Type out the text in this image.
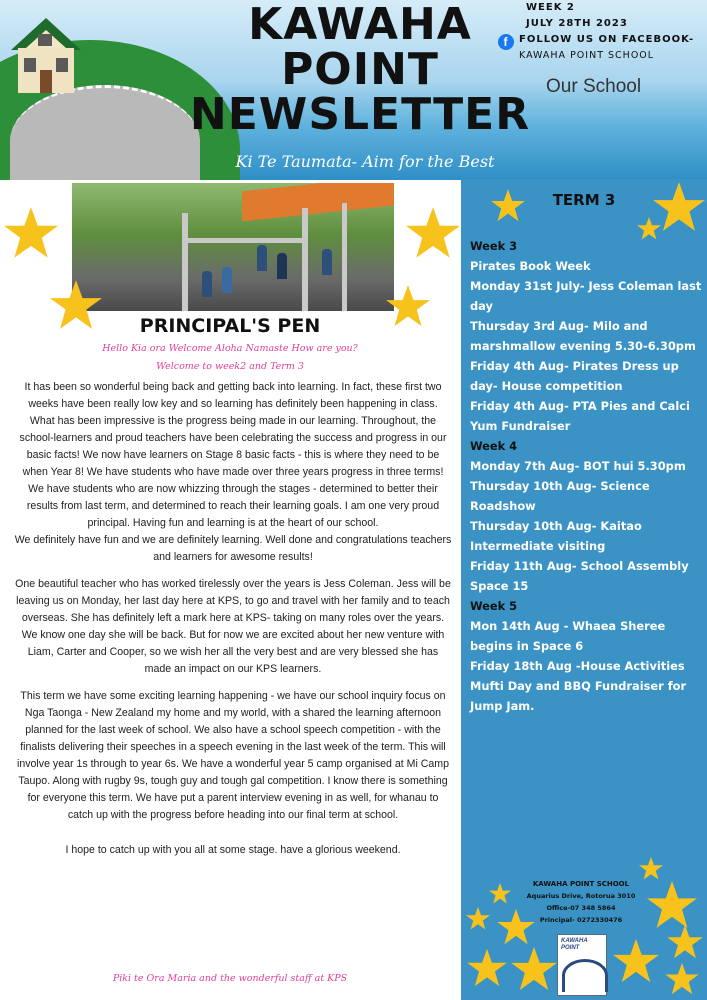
KAWAHA
POINT
NEWSLETTER
WEEK 2
JULY 28TH 2023
f	FOLLOW US ON FACEBOOK-
KAWAHA POINT SCHOOL
Our School
Ki Te Taumata- Aim for the Best
PRINCIPAL'S PEN
Hello Kia ora Welcome Aloha Namaste How are you?
Welcome to week2 and Term 3

It has been so wonderful being back and getting back into learning. In fact, these first two weeks have been really low key and so learning has definitely been happening in class.

What has been impressive is the progress being made in our learning. Throughout, the school-learners and proud teachers have been celebrating the success and progress in our basic facts! We now have learners on Stage 8 basic facts - this is where they need to be when Year 8! We have students who have made over three years progress in three terms!

We have students who are now whizzing through the stages - determined to better their results from last term, and determined to reach their learning goals. I am one very proud principal. Having fun and learning is at the heart of our school.

We definitely have fun and we are definitely learning. Well done and congratulations teachers and learners for awesome results!

One beautiful teacher who has worked tirelessly over the years is Jess Coleman. Jess will be leaving us on Monday, her last day here at KPS, to go and travel with her family and to teach overseas. She has definitely left a mark here at KPS- taking on many roles over the years. We know one day she will be back. But for now we are excited about her new venture with Liam, Carter and Cooper, so we wish her all the very best and are very blessed she has made an impact on our KPS learners.

This term we have some exciting learning happening - we have our school inquiry focus on Nga Taonga - New Zealand my home and my world, with a shared the learning afternoon planned for the last week of school. We also have a school speech competition - with the finalists delivering their speeches in a speech evening in the last week of the term. This will involve year 1s through to year 6s. We have a wonderful year 5 camp organised at Mi Camp Taupo. Along with rugby 9s, tough guy and tough gal competition. I know there is something for everyone this term. We have put a parent interview evening in as well, for whanau to catch up with the progress before heading into our final term at school.

I hope to catch up with you all at some stage. have a glorious weekend.

Piki te Ora Maria and the wonderful staff at KPS
TERM 3
Week 3
Pirates Book Week
Monday 31st July- Jess Coleman last day
Thursday 3rd Aug- Milo and marshmallow evening 5.30-6.30pm
Friday 4th Aug- Pirates Dress up day- House competition
Friday 4th Aug- PTA Pies and Calci Yum Fundraiser
Week 4
Monday 7th Aug- BOT hui 5.30pm
Thursday 10th Aug- Science Roadshow
Thursday 10th Aug- Kaitao Intermediate visiting
Friday 11th Aug- School Assembly Space 15
Week 5
Mon 14th Aug - Whaea Sheree begins in Space 6
Friday 18th Aug -House Activities Mufti Day and BBQ Fundraiser for Jump Jam.
KAWAHA POINT SCHOOL
Aquarius Drive, Rotorua 3010
Office-07 348 5864
Principal- 0272330476
KAWAHA
POINT
